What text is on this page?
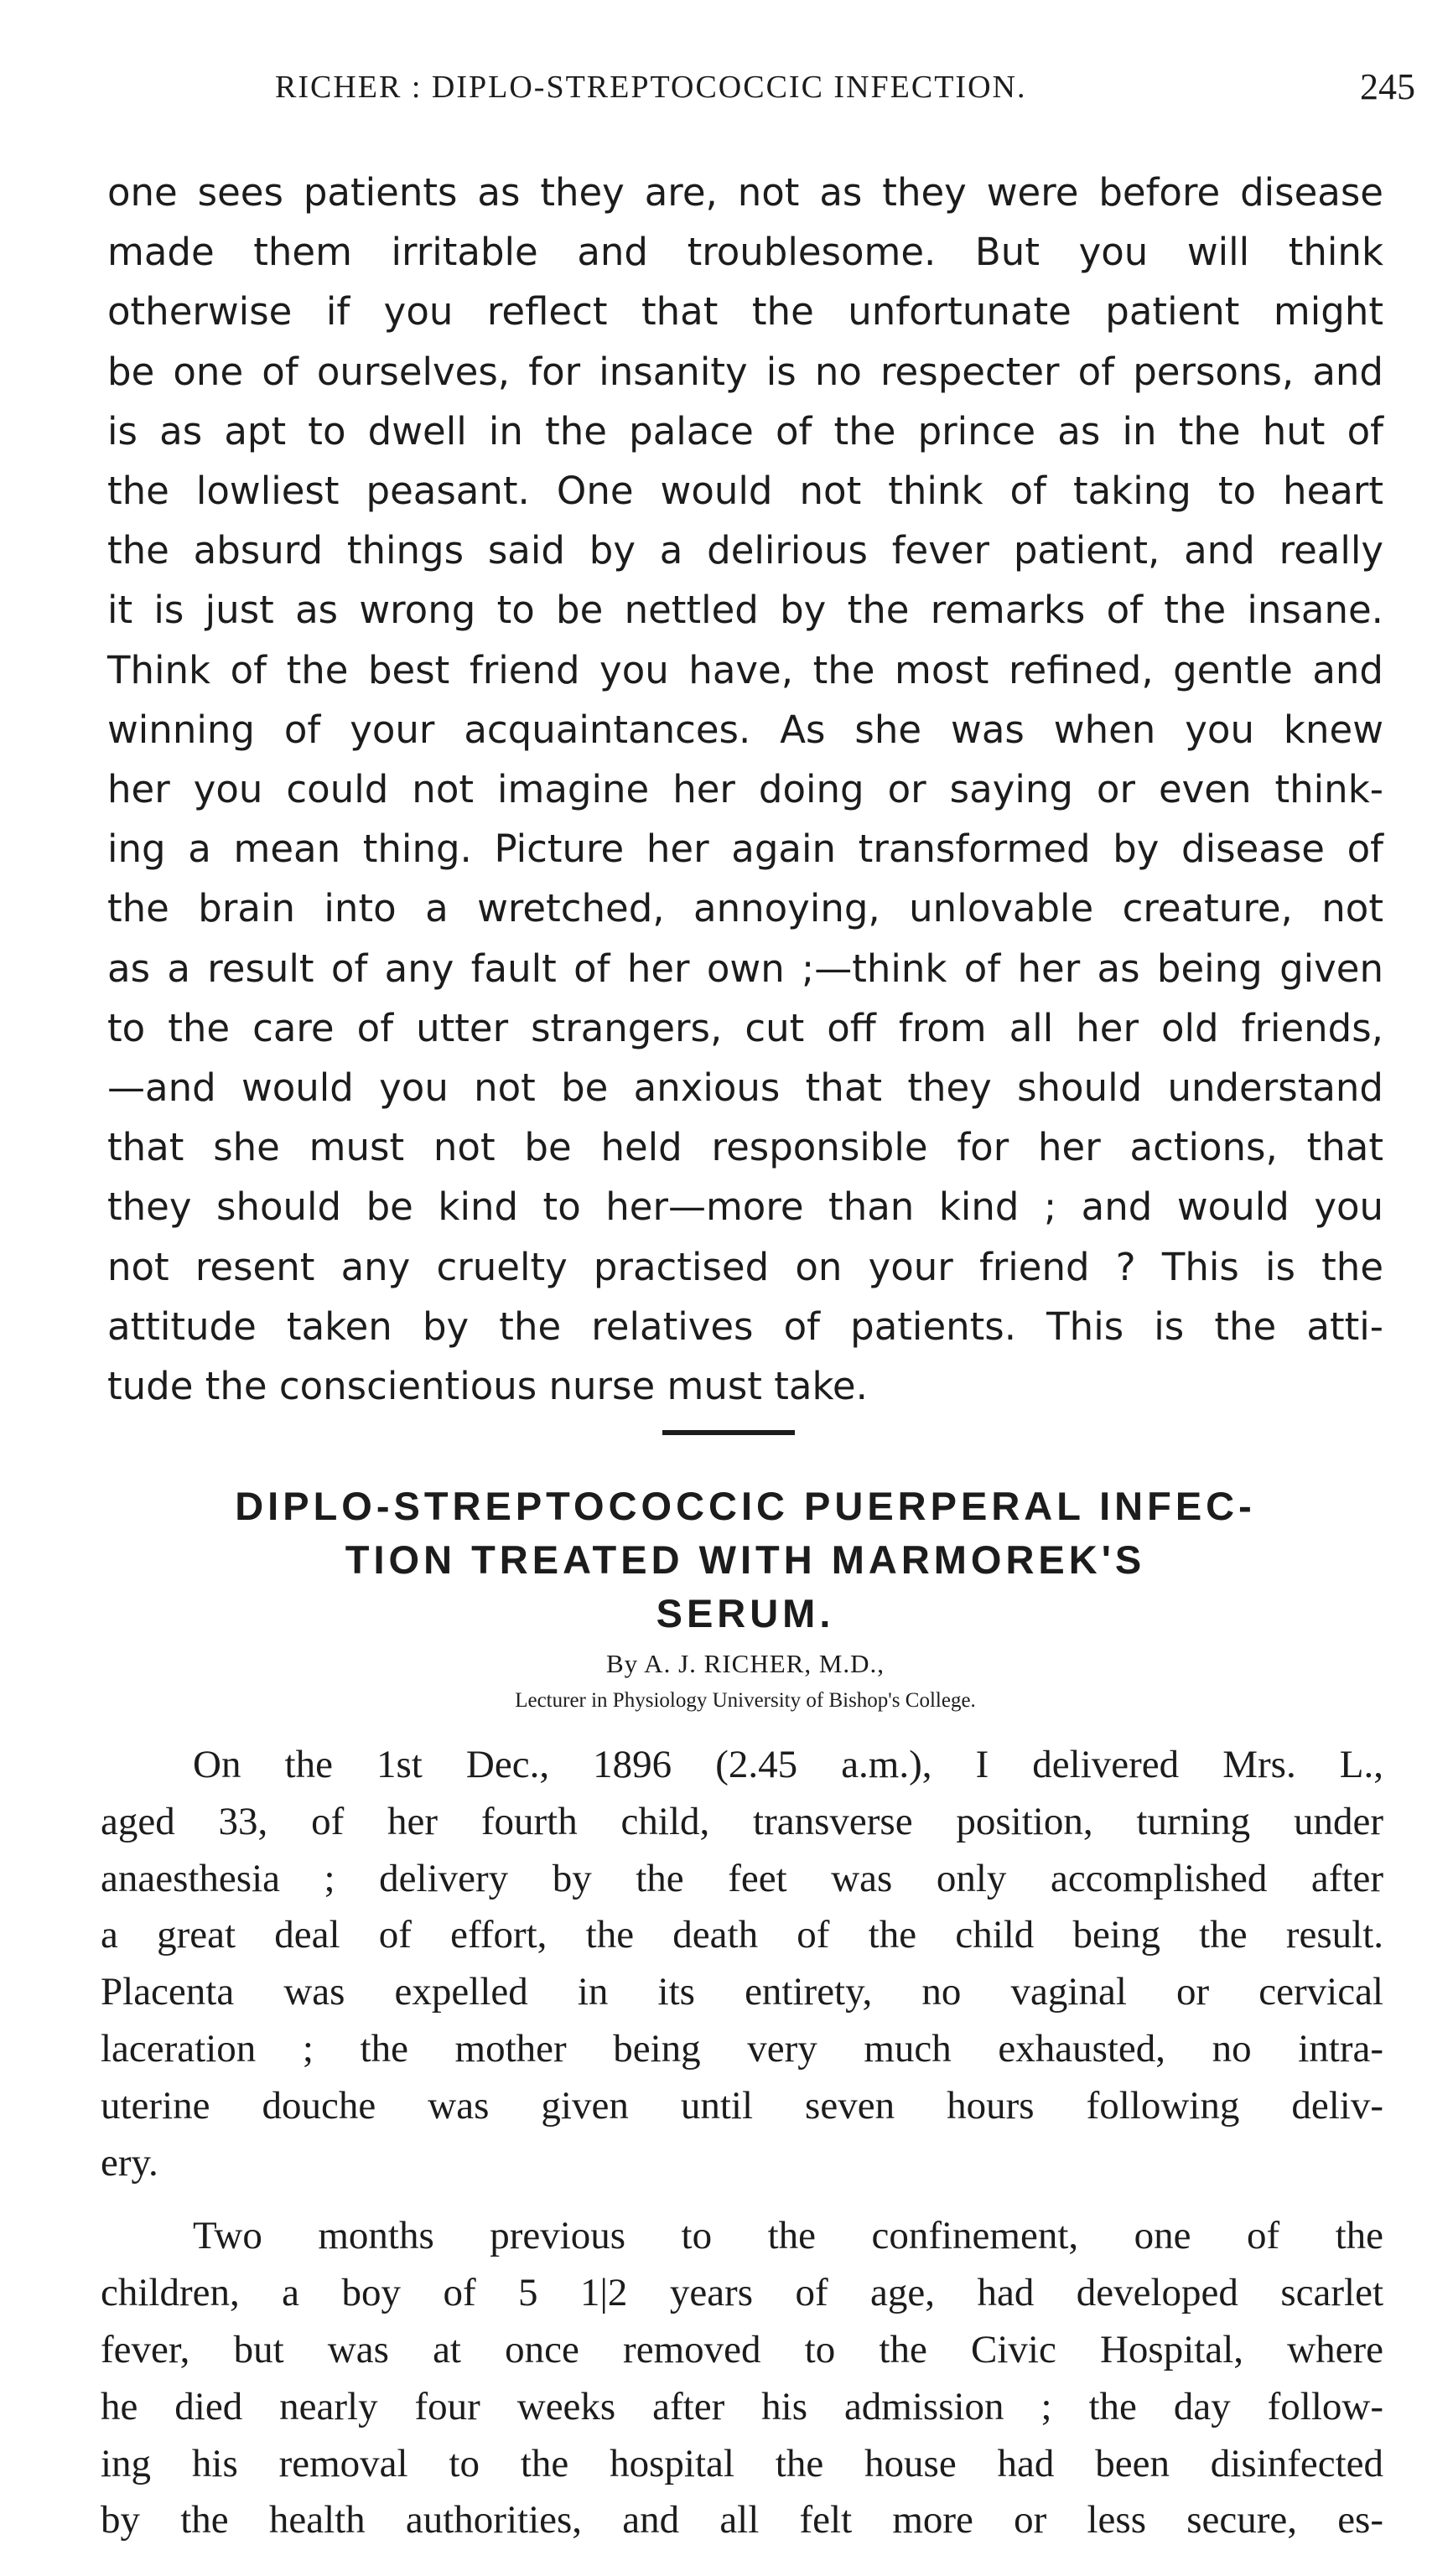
RICHER : DIPLO-STREPTOCOCCIC INFECTION.	245
one sees patients as they are, not as they were before disease
made them irritable and troublesome. But you will think
otherwise if you reflect that the unfortunate patient might
be one of ourselves, for insanity is no respecter of persons, and
is as apt to dwell in the palace of the prince as in the hut of
the lowliest peasant. One would not think of taking to heart
the absurd things said by a delirious fever patient, and really
it is just as wrong to be nettled by the remarks of the insane.
Think of the best friend you have, the most refined, gentle and
winning of your acquaintances. As she was when you knew
her you could not imagine her doing or saying or even think-
ing a mean thing. Picture her again transformed by disease of
the brain into a wretched, annoying, unlovable creature, not
as a result of any fault of her own ;—think of her as being given
to the care of utter strangers, cut off from all her old friends,
—and would you not be anxious that they should understand
that she must not be held responsible for her actions, that
they should be kind to her—more than kind ; and would you
not resent any cruelty practised on your friend ? This is the
attitude taken by the relatives of patients. This is the atti-
tude the conscientious nurse must take.
DIPLO-STREPTOCOCCIC PUERPERAL INFEC-
TION TREATED WITH MARMOREK'S
SERUM.
By A. J. RICHER, M.D.,
Lecturer in Physiology University of Bishop's College.
On the 1st Dec., 1896 (2.45 a.m.), I delivered Mrs. L.,
aged 33, of her fourth child, transverse position, turning under
anaesthesia ; delivery by the feet was only accomplished after
a great deal of effort, the death of the child being the result.
Placenta was expelled in its entirety, no vaginal or cervical
laceration ; the mother being very much exhausted, no intra-
uterine douche was given until seven hours following deliv-
ery.
Two months previous to the confinement, one of the
children, a boy of 5 1|2 years of age, had developed scarlet
fever, but was at once removed to the Civic Hospital, where
he died nearly four weeks after his admission ; the day follow-
ing his removal to the hospital the house had been disinfected
by the health authorities, and all felt more or less secure, es-
